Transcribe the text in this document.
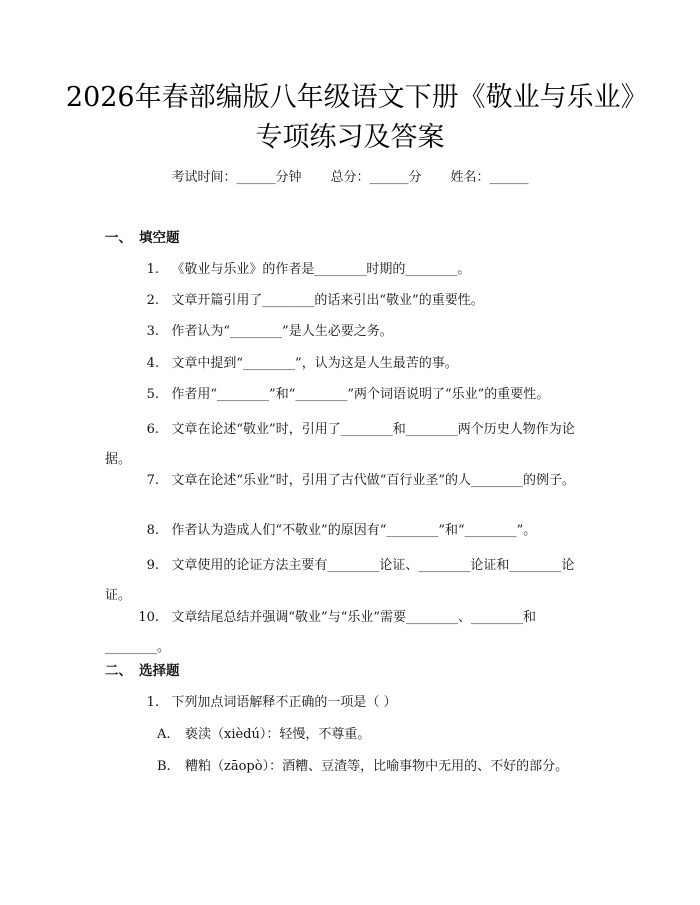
2026年春部编版八年级语文下册《敬业与乐业》专项练习及答案
考试时间：______分钟 总分：______分 姓名：______
一、 填空题
1. 《敬业与乐业》的作者是________时期的________。
2. 文章开篇引用了________的话来引出“敬业”的重要性。
3. 作者认为“________”是人生必要之务。
4. 文章中提到“________”，认为这是人生最苦的事。
5. 作者用“________”和“________”两个词语说明了“乐业”的重要性。
6. 文章在论述“敬业”时，引用了________和________两个历史人物作为论据。
7. 文章在论述“乐业”时，引用了古代做“百行业圣”的人________的例子。
8. 作者认为造成人们“不敬业”的原因有“________”和“________”。
9. 文章使用的论证方法主要有________论证、________论证和________论证。
10. 文章结尾总结并强调“敬业”与“乐业”需要________、________和________。
二、 选择题
1. 下列加点词语解释不正确的一项是（ ）
A. 亵渎（xièdú）：轻慢，不尊重。
B. 糟粕（zāopò）：酒糟、豆渣等，比喻事物中无用的、不好的部分。
